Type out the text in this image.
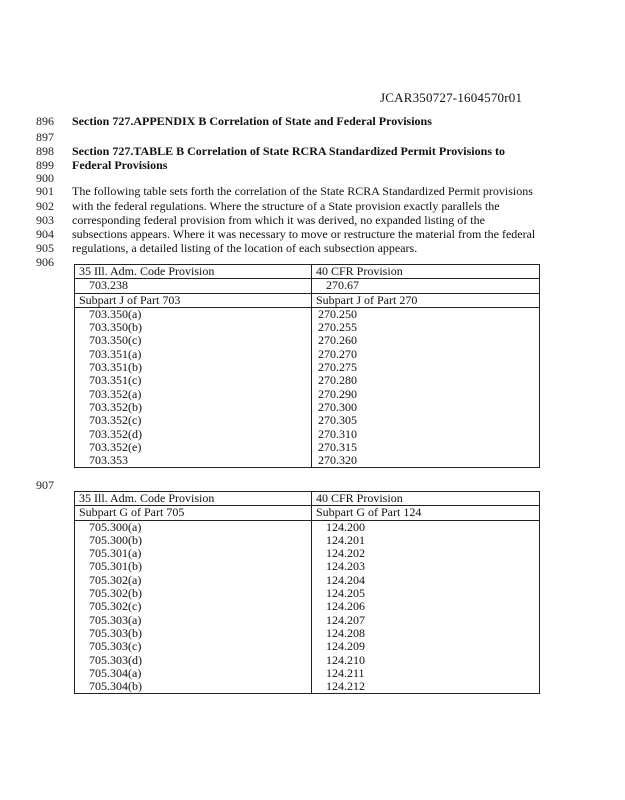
JCAR350727-1604570r01
896
897
898
899
900
901
902
903
904
905
906
907
Section 727.APPENDIX B Correlation of State and Federal Provisions
Section 727.TABLE B Correlation of State RCRA Standardized Permit Provisions to
Federal Provisions
The following table sets forth the correlation of the State RCRA Standardized Permit provisions
with the federal regulations. Where the structure of a State provision exactly parallels the
corresponding federal provision from which it was derived, no expanded listing of the
subsections appears. Where it was necessary to move or restructure the material from the federal
regulations, a detailed listing of the location of each subsection appears.
35 Ill. Adm. Code Provision	40 CFR Provision
703.238	270.67
Subpart J of Part 703	Subpart J of Part 270
703.350(a)	270.250
703.350(b)	270.255
703.350(c)	270.260
703.351(a)	270.270
703.351(b)	270.275
703.351(c)	270.280
703.352(a)	270.290
703.352(b)	270.300
703.352(c)	270.305
703.352(d)	270.310
703.352(e)	270.315
703.353	270.320
35 Ill. Adm. Code Provision	40 CFR Provision
Subpart G of Part 705	Subpart G of Part 124
705.300(a)	124.200
705.300(b)	124.201
705.301(a)	124.202
705.301(b)	124.203
705.302(a)	124.204
705.302(b)	124.205
705.302(c)	124.206
705.303(a)	124.207
705.303(b)	124.208
705.303(c)	124.209
705.303(d)	124.210
705.304(a)	124.211
705.304(b)	124.212
